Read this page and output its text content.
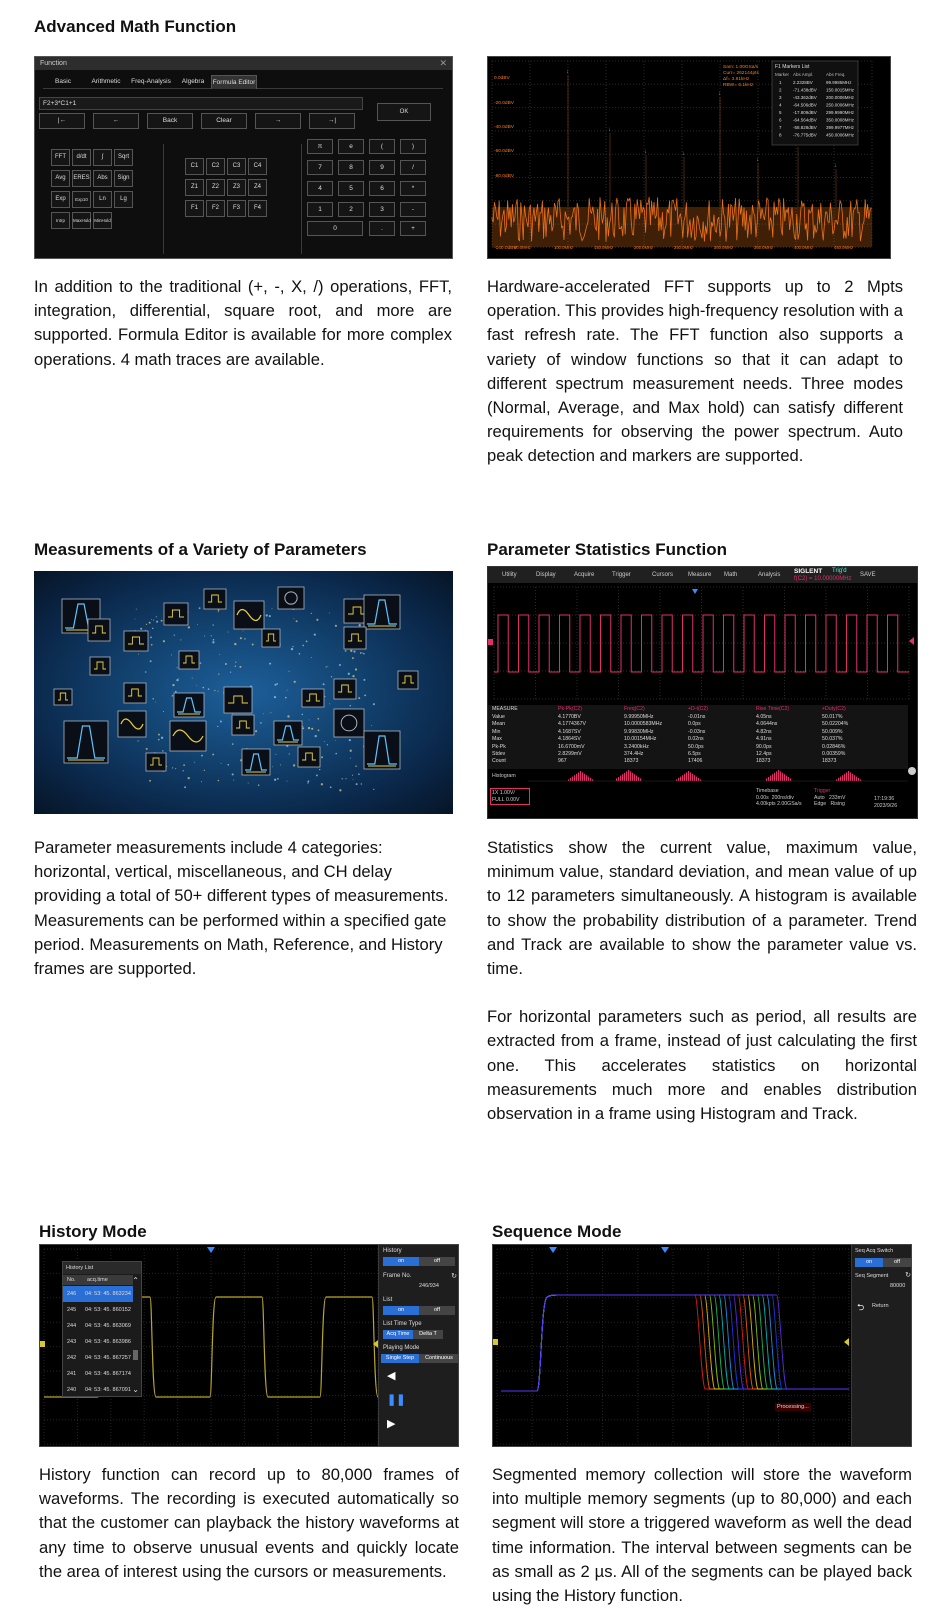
Advanced Math Function
Measurements of a Variety of Parameters	Parameter Statistics Function
History Mode	Sequence Mode
In addition to the traditional (+, -, X, /) operations, FFT, integration, differential, square root, and more are supported. Formula Editor is available for more complex operations. 4 math traces are available.
Hardware-accelerated FFT supports up to 2 Mpts operation. This provides high-frequency resolution with a fast refresh rate. The FFT function also supports a variety of window functions so that it can adapt to different spectrum measurement needs. Three modes (Normal, Average, and Max hold) can satisfy different requirements for observing the power spectrum. Auto peak detection and markers are supported.
Parameter measurements include 4 categories: horizontal, vertical, miscellaneous, and CH delay providing a total of 50+ different types of measurements. Measurements can be performed within a specified gate period. Measurements on Math, Reference, and History frames are supported.

Statistics show the current value, maximum value, minimum value, standard deviation, and mean value of up to 12 parameters simultaneously. A histogram is available to show the probability distribution of a parameter. Trend and Track are available to show the parameter value vs. time.

For horizontal parameters such as period, all results are extracted from a frame, instead of just calculating the first one. This accelerates statistics on horizontal measurements much more and enables distribution observation in a frame using Histogram and Track.

History function can record up to 80,000 frames of waveforms. The recording is executed automatically so that the customer can playback the history waveforms at any time to observe unusual events and quickly locate the area of interest using the cursors or measurements.
Segmented memory collection will store the waveform into multiple memory segments (up to 80,000) and each segment will store a triggered waveform as well the dead time information. The interval between segments can be as small as 2 µs. All of the segments can be played back using the History function.
Function	✕
Basic	Arithmetic	Freq-Analysis	Algebra	Formula Editor
F2+3*C1+1
OK
|←	←	Back	Clear	→	→|
FFT	d/dt	∫	Sqrt
Avg	ERES	Abs	Sign
Exp	Exp10	Ln	Lg
Intrp	MaxHold MinHold
C1	C2	C3	C4
Z1	Z2	Z3	Z4
F1	F2	F3	F4
π	e	(	)
7	8	9	/
4	5	6	*
1	2	3	-
0	.	+
↓
↓
↓
↓
↓
↓
↓
0.0dBV
-20.0dBV
-40.0dBV
-60.0dBV
-80.0dBV
-140.0dBV
50.0MHz	100.0MHz	150.0MHz	200.0MHz	250.0MHz	300.0MHz	350.0MHz	400.0MHz	450.0MHz
Sam: 1.00GSa/s
Curr= 262144pts
Δf= 3.81kHz
RBW= 6.1kHz
F1 Markers List
Marker Abs Ampl.	Abs Freq.
1	2.2328BV	99.9985MHz
2	-71.438dBV 150.0015MHz
3	-43.362dBV 200.0006MHz
4	-64.506dBV 250.0006MHz
5	-17.809dBV 299.9990MHz
6	-64.564dBV 350.0008MHz
7	-58.828dBV 399.9977MHz
8	-76.775dBV 450.0006MHz
Utility	Display	Acquire	Trigger	Cursors Measure Math	Analysis SIGLENT Trig'd
SAVE
f(C2) = 10.00000MHz
MEASURE	Pk-Pk(C2)	Freq(C2)	+D-t(C2)	Rise Time(C2)	+Duty(C2)
Value	4.1770BV	9.99950MHz	-0.01ns	4.05ns	50.017%
Mean	4.1774367V	10.0000583MHz	0.0ps	4.0644ns	50.02204%
Min	4.1687SV	9.99830MHz	-0.03ns	4.82ns	50.009%
Max	4.1864SV	10.00154MHz	0.02ns	4.91ns	50.037%
Pk-Pk	16.6700mV	3.2400kHz	50.0ps	90.0ps	0.02846%
Stdev	2.8299mV	374.4Hz	6.5ps	12.4ps	0.00359%
Count	967	18373	17406	18373	18373
Histogram
1X 1.00V/
FULL 0.00V
Timebase
0.00s 200ns/div
4.00kpts 2.00GSa/s
Trigger
Auto 233mV
Edge Rising
17:19:36
2023/9/26
History List
No. acq.time
246 04: 53: 45. 863234
245 04: 53: 45. 860152
244 04: 53: 45. 863069
243 04: 53: 45. 863986
242 04: 53: 45. 867257
241 04: 53: 45. 867174
240 04: 53: 45. 867091
⌃
⌄
History
on	off
Frame No.
246/934
↻
List
on	off
List Time Type
Acq Time	Delta T
Playing Mode
Single Step	Continuous
◀
❚❚
▶
Processing...
Seq Acq Switch
on	off
Seq Segment ↻
80000
⮌ Return
